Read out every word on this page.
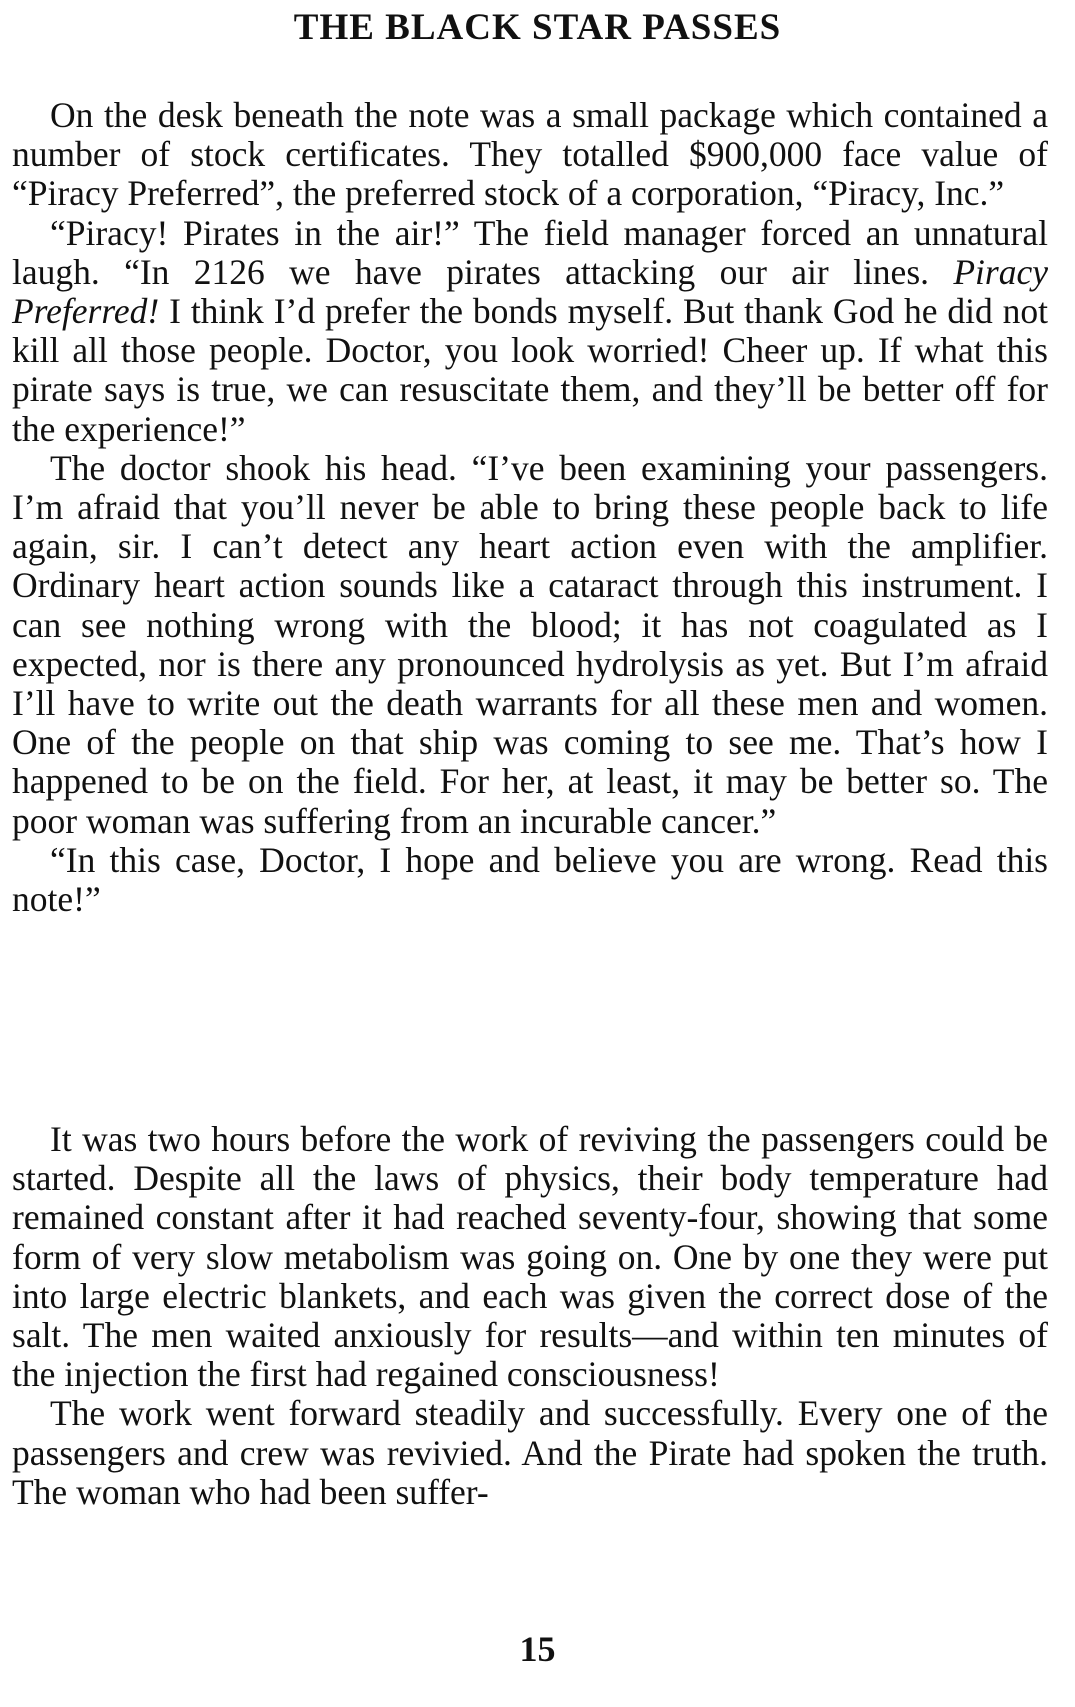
THE BLACK STAR PASSES

On the desk beneath the note was a small package which contained a number of stock certificates. They totalled $900,000 face value of “Piracy Preferred”, the preferred stock of a corporation, “Piracy, Inc.”

“Piracy! Pirates in the air!” The field manager forced an unnatural laugh. “In 2126 we have pirates attacking our air lines. Piracy Preferred! I think I’d prefer the bonds myself. But thank God he did not kill all those people. Doctor, you look worried! Cheer up. If what this pirate says is true, we can resuscitate them, and they’ll be better off for the experience!”

The doctor shook his head. “I’ve been examining your passengers. I’m afraid that you’ll never be able to bring these people back to life again, sir. I can’t detect any heart action even with the amplifier. Ordinary heart action sounds like a cataract through this instrument. I can see nothing wrong with the blood; it has not coagulated as I expected, nor is there any pronounced hydrolysis as yet. But I’m afraid I’ll have to write out the death warrants for all these men and women. One of the people on that ship was coming to see me. That’s how I happened to be on the field. For her, at least, it may be better so. The poor woman was suffering from an incurable cancer.”

“In this case, Doctor, I hope and believe you are wrong. Read this note!”

It was two hours before the work of reviving the passengers could be started. Despite all the laws of physics, their body temperature had remained constant after it had reached seventy-four, showing that some form of very slow metabolism was going on. One by one they were put into large electric blankets, and each was given the correct dose of the salt. The men waited anxiously for results—and within ten minutes of the injection the first had regained consciousness!

The work went forward steadily and successfully. Every one of the passengers and crew was revivied. And the Pirate had spoken the truth. The woman who had been suffer-

15
